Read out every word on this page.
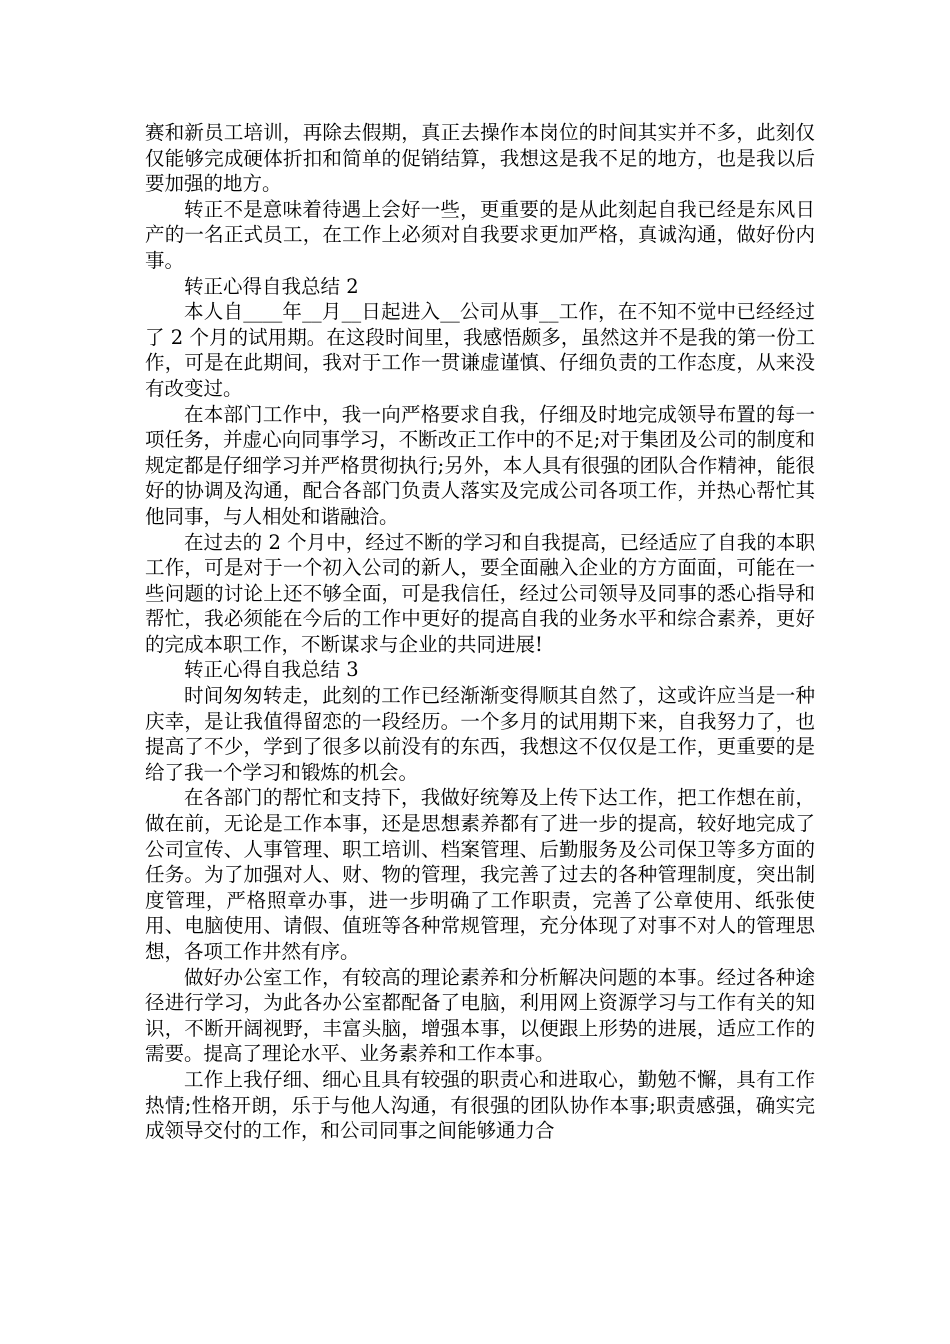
赛和新员工培训，再除去假期，真正去操作本岗位的时间其实并不多，此刻仅仅能够完成硬体折扣和简单的促销结算，我想这是我不足的地方，也是我以后要加强的地方。

转正不是意味着待遇上会好一些，更重要的是从此刻起自我已经是东风日产的一名正式员工，在工作上必须对自我要求更加严格，真诚沟通，做好份内事。

转正心得自我总结 2

本人自____年__月__日起进入__公司从事__工作，在不知不觉中已经经过了 2 个月的试用期。在这段时间里，我感悟颇多，虽然这并不是我的第一份工作，可是在此期间，我对于工作一贯谦虚谨慎、仔细负责的工作态度，从来没有改变过。

在本部门工作中，我一向严格要求自我，仔细及时地完成领导布置的每一项任务，并虚心向同事学习，不断改正工作中的不足;对于集团及公司的制度和规定都是仔细学习并严格贯彻执行;另外，本人具有很强的团队合作精神，能很好的协调及沟通，配合各部门负责人落实及完成公司各项工作，并热心帮忙其他同事，与人相处和谐融洽。

在过去的 2 个月中，经过不断的学习和自我提高，已经适应了自我的本职工作，可是对于一个初入公司的新人，要全面融入企业的方方面面，可能在一些问题的讨论上还不够全面，可是我信任，经过公司领导及同事的悉心指导和帮忙，我必须能在今后的工作中更好的提高自我的业务水平和综合素养，更好的完成本职工作，不断谋求与企业的共同进展!

转正心得自我总结 3

时间匆匆转走，此刻的工作已经渐渐变得顺其自然了，这或许应当是一种庆幸，是让我值得留恋的一段经历。一个多月的试用期下来，自我努力了，也提高了不少，学到了很多以前没有的东西，我想这不仅仅是工作，更重要的是给了我一个学习和锻炼的机会。

在各部门的帮忙和支持下，我做好统筹及上传下达工作，把工作想在前，做在前，无论是工作本事，还是思想素养都有了进一步的提高，较好地完成了公司宣传、人事管理、职工培训、档案管理、后勤服务及公司保卫等多方面的任务。为了加强对人、财、物的管理，我完善了过去的各种管理制度，突出制度管理，严格照章办事，进一步明确了工作职责，完善了公章使用、纸张使用、电脑使用、请假、值班等各种常规管理，充分体现了对事不对人的管理思想，各项工作井然有序。

做好办公室工作，有较高的理论素养和分析解决问题的本事。经过各种途径进行学习，为此各办公室都配备了电脑，利用网上资源学习与工作有关的知识，不断开阔视野，丰富头脑，增强本事，以便跟上形势的进展，适应工作的需要。提高了理论水平、业务素养和工作本事。

工作上我仔细、细心且具有较强的职责心和进取心，勤勉不懈，具有工作热情;性格开朗，乐于与他人沟通，有很强的团队协作本事;职责感强，确实完成领导交付的工作，和公司同事之间能够通力合
